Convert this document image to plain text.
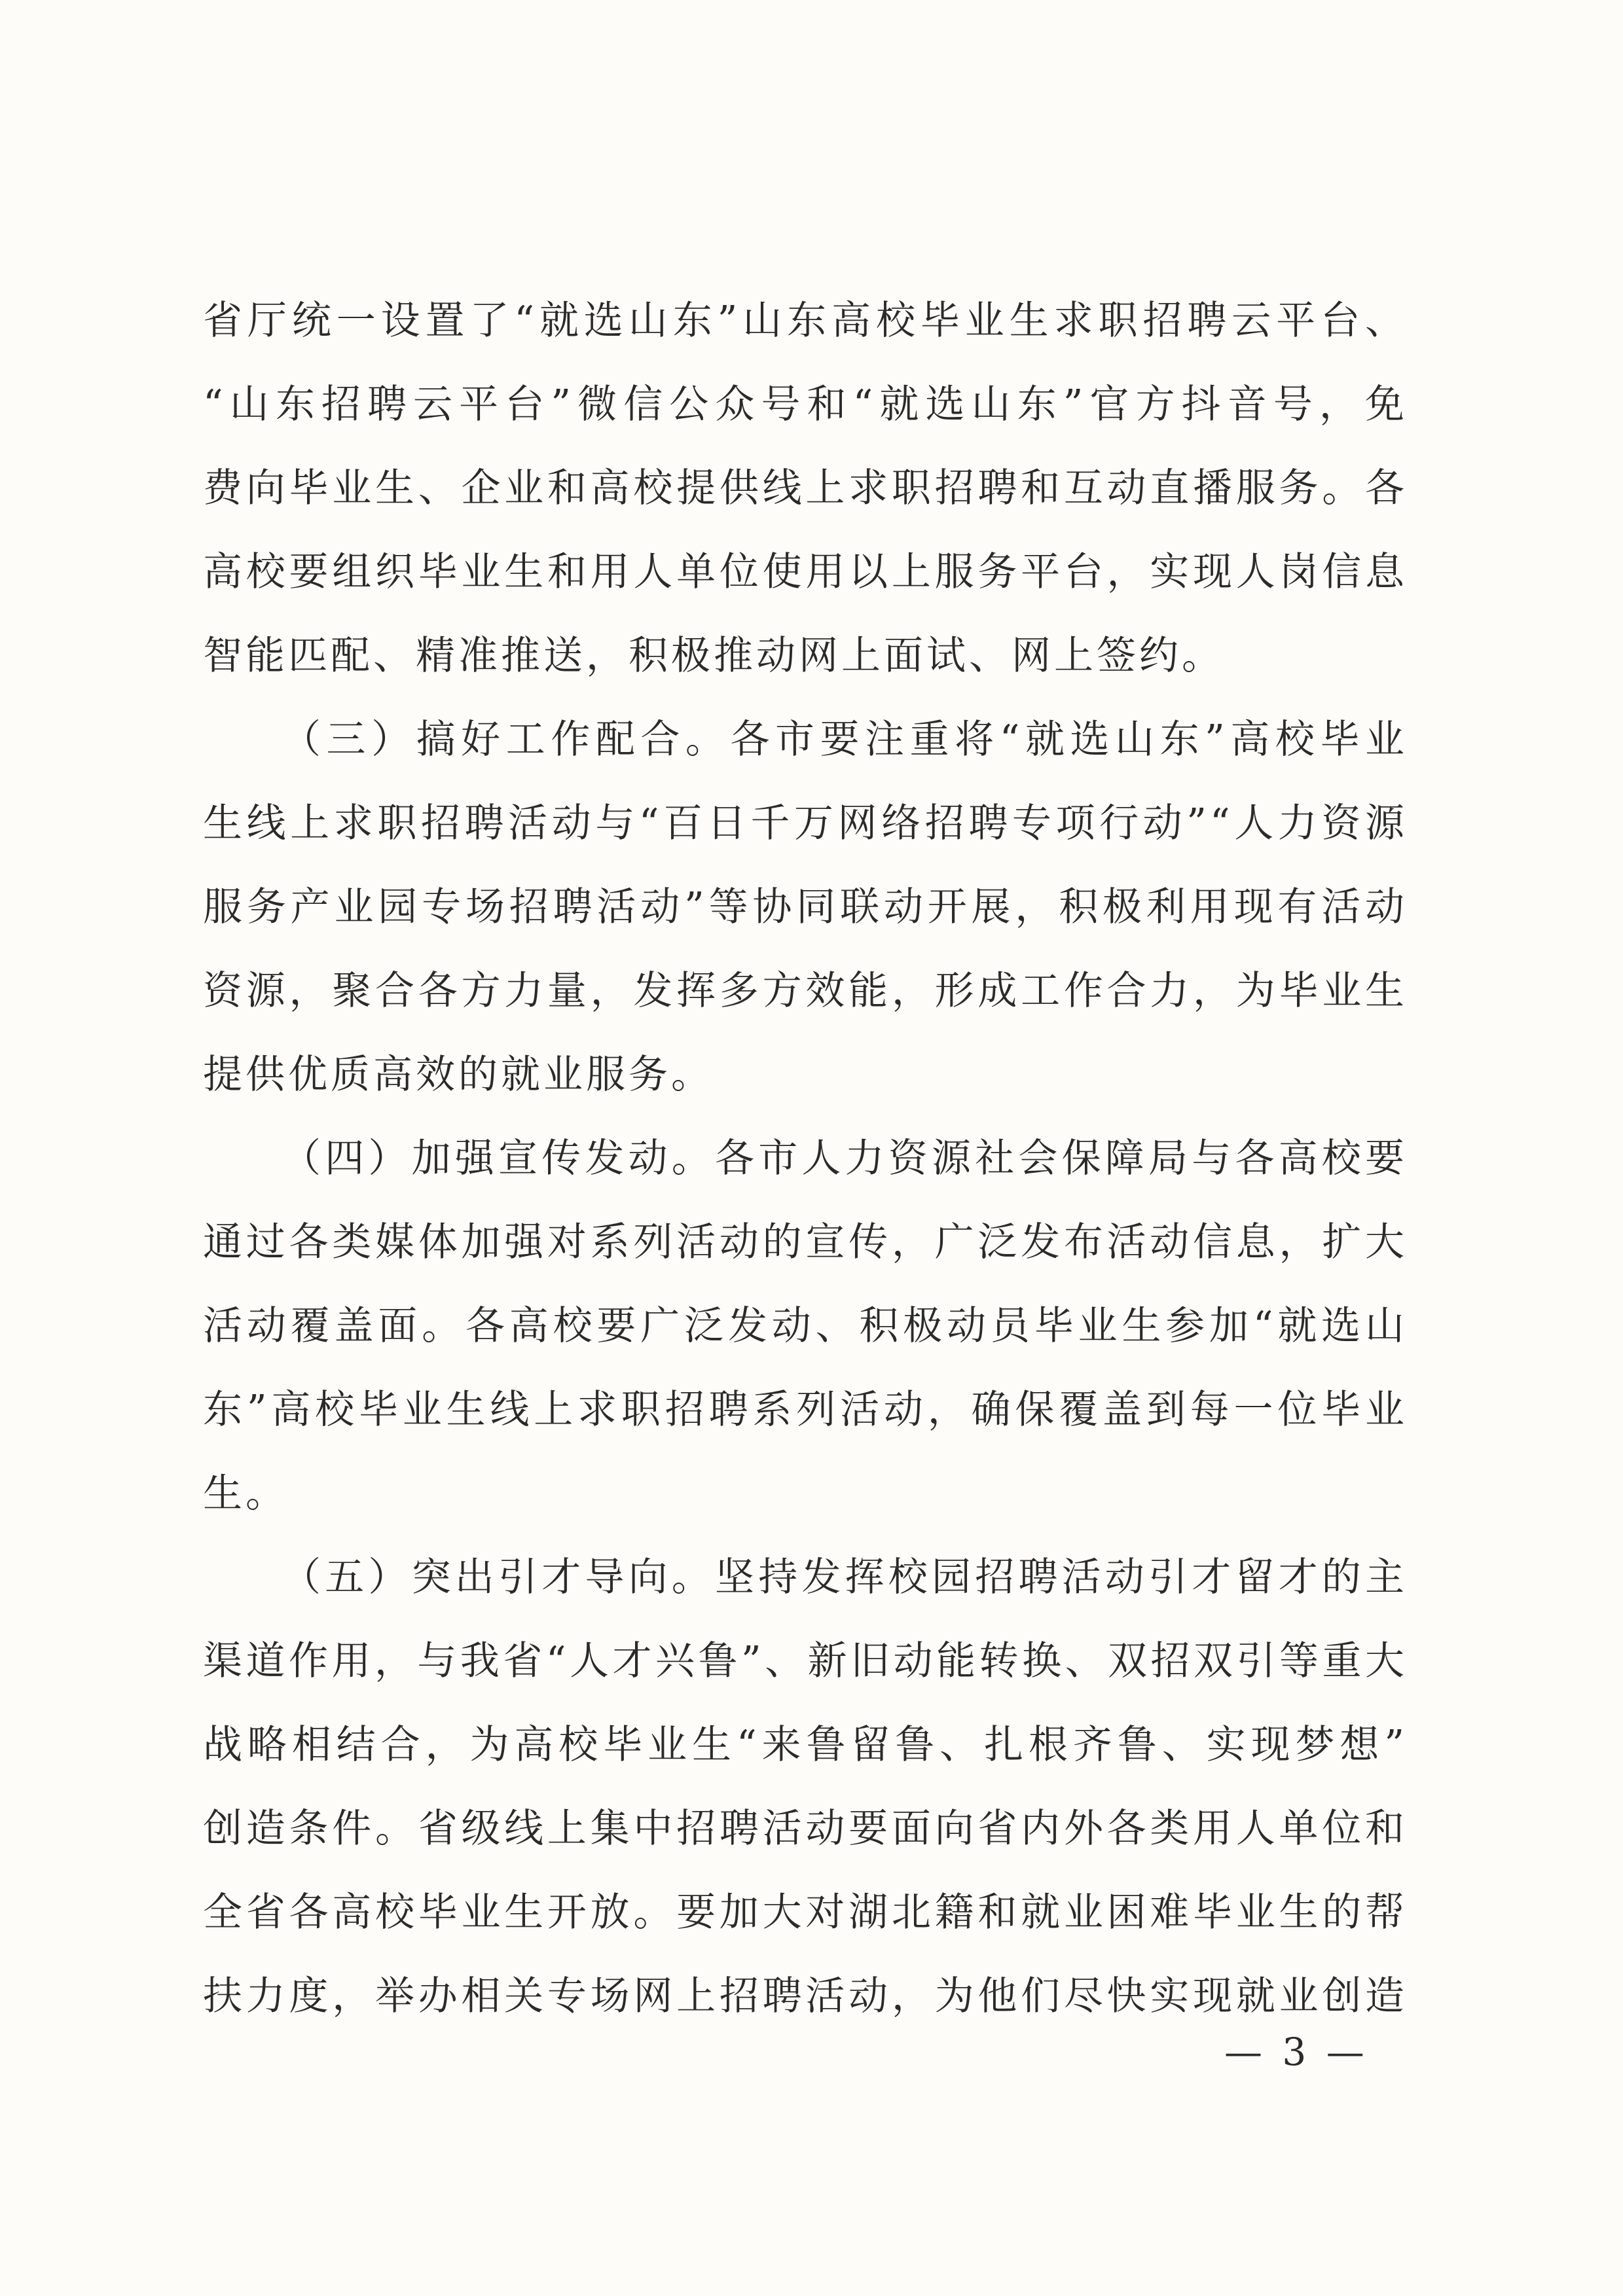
省厅统一设置了“就选山东”山东高校毕业生求职招聘云平台、
“山东招聘云平台”微信公众号和“就选山东”官方抖音号，免
费向毕业生、企业和高校提供线上求职招聘和互动直播服务。各
高校要组织毕业生和用人单位使用以上服务平台，实现人岗信息
智能匹配、精准推送，积极推动网上面试、网上签约。
（三）搞好工作配合。各市要注重将“就选山东”高校毕业
生线上求职招聘活动与“百日千万网络招聘专项行动”“人力资源
服务产业园专场招聘活动”等协同联动开展，积极利用现有活动
资源，聚合各方力量，发挥多方效能，形成工作合力，为毕业生
提供优质高效的就业服务。
（四）加强宣传发动。各市人力资源社会保障局与各高校要
通过各类媒体加强对系列活动的宣传，广泛发布活动信息，扩大
活动覆盖面。各高校要广泛发动、积极动员毕业生参加“就选山
东”高校毕业生线上求职招聘系列活动，确保覆盖到每一位毕业
生。
（五）突出引才导向。坚持发挥校园招聘活动引才留才的主
渠道作用，与我省“人才兴鲁”、新旧动能转换、双招双引等重大
战略相结合，为高校毕业生“来鲁留鲁、扎根齐鲁、实现梦想”
创造条件。省级线上集中招聘活动要面向省内外各类用人单位和
全省各高校毕业生开放。要加大对湖北籍和就业困难毕业生的帮
扶力度，举办相关专场网上招聘活动，为他们尽快实现就业创造
— 3 —
